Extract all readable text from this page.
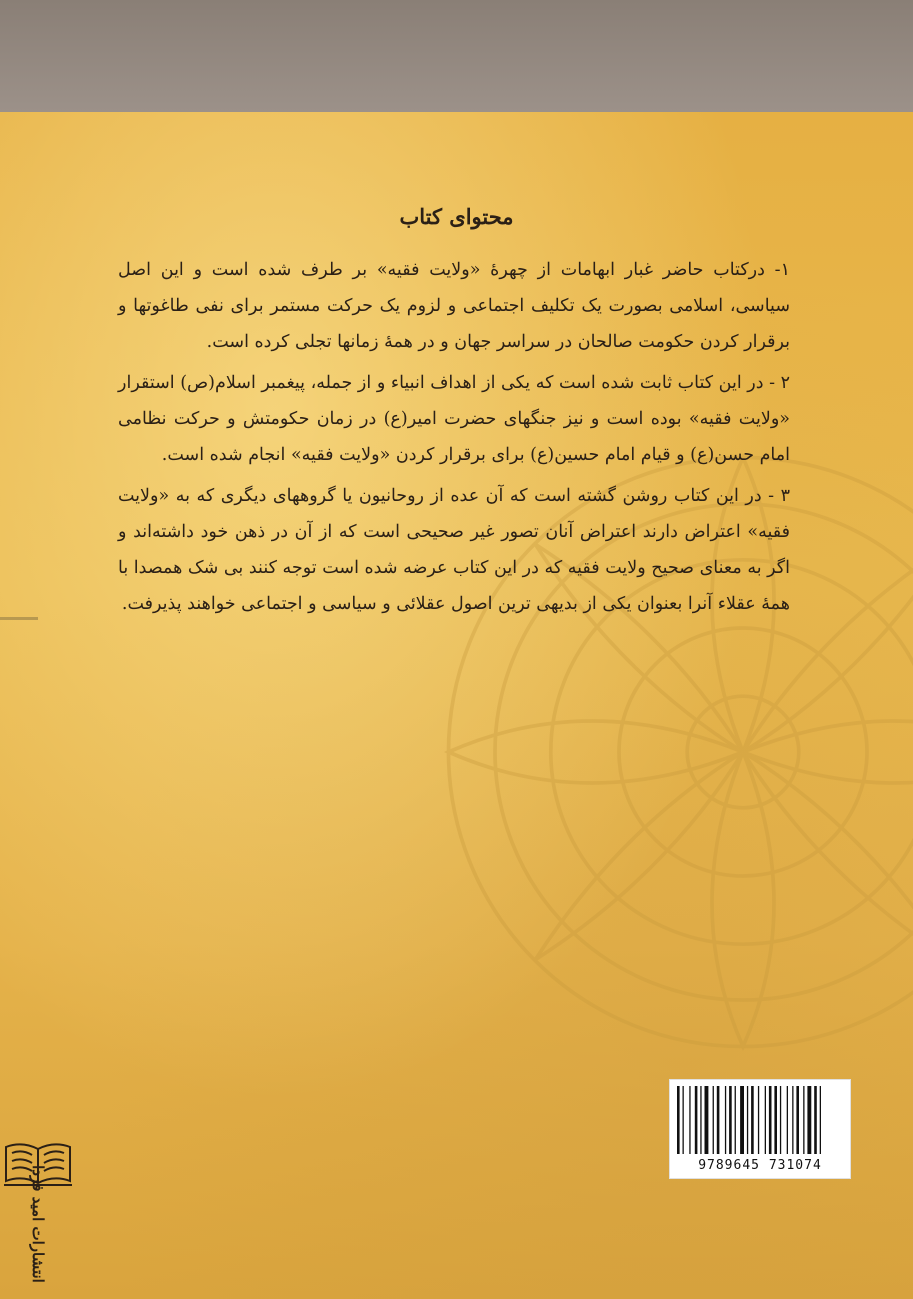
محتوای کتاب

۱- درکتاب حاضر غبار ابهامات از چهرهٔ «ولایت فقیه» بر طرف شده است و این اصل سیاسی، اسلامی بصورت یک تکلیف اجتماعی و لزوم یک حرکت مستمر برای نفی طاغوتها و برقرار کردن حکومت صالحان در سراسر جهان و در همهٔ زمانها تجلی کرده است.

۲ - در این کتاب ثابت شده است که یکی از اهداف انبیاء و از جمله، پیغمبر اسلام(ص) استقرار «ولایت فقیه» بوده است و نیز جنگهای حضرت امیر(ع) در زمان حکومتش و حرکت نظامی امام حسن(ع) و قیام امام حسین(ع) برای برقرار کردن «ولایت فقیه» انجام شده است.

۳ - در این کتاب روشن گشته است که آن عده از روحانیون یا گروههای دیگری که به «ولایت فقیه» اعتراض دارند اعتراض آنان تصور غیر صحیحی است که از آن در ذهن خود داشته‌اند و اگر به معنای صحیح ولایت فقیه که در این کتاب عرضه شده است توجه کنند بی شک همصدا با همهٔ عقلاء آنرا بعنوان یکی از بدیهی ترین اصول عقلائی و سیاسی و اجتماعی خواهند پذیرفت.

9789645 731074
انتشارات امید فردا
